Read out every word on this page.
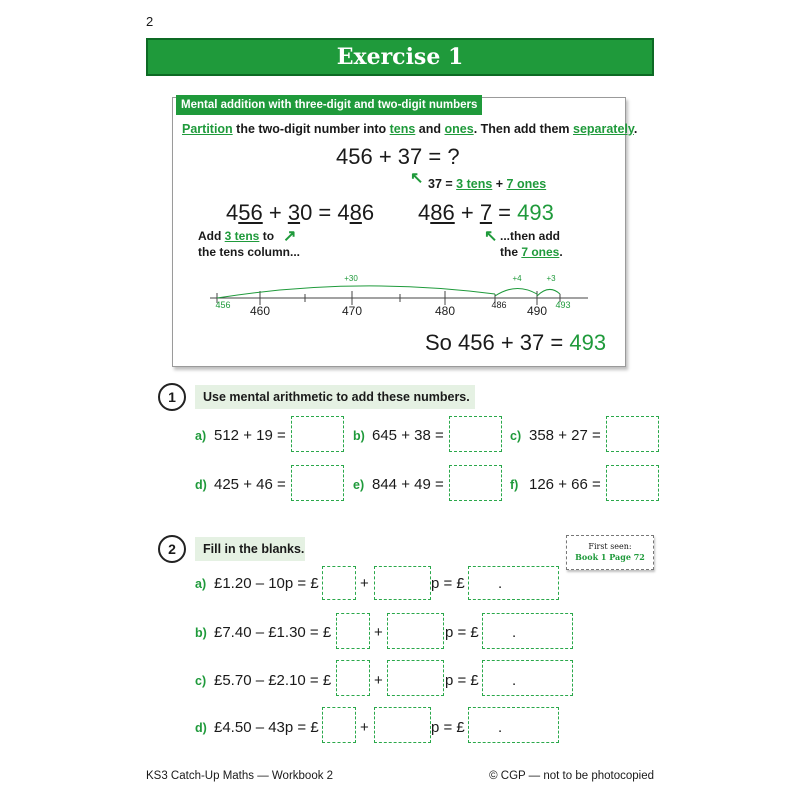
2
Exercise 1
Mental addition with three-digit and two-digit numbers
Partition the two-digit number into tens and ones. Then add them separately.
456 + 37 = ?
↖ 37 = 3 tens + 7 ones
456 + 30 = 486 486 + 7 = 493
Add 3 tens to
the tens column...
↗	↖ ...then add
the 7 ones.
+30	+4	+3
456 460	470	480	490
486	493
So 456 + 37 = 493
1	Use mental arithmetic to add these numbers.
a) 512 + 19 =	b) 645 + 38 =	c) 358 + 27 =
d) 425 + 46 =	e) 844 + 49 =	f) 126 + 66 =
2	Fill in the blanks.	First seen:
Book 1 Page 72
a) £1.20 – 10p = £	+	p = £ .
b) £7.40 – £1.30 = £	+	p = £ .
c) £5.70 – £2.10 = £	+	p = £ .
d) £4.50 – 43p = £	+	p = £ .
KS3 Catch-Up Maths — Workbook 2	© CGP — not to be photocopied
